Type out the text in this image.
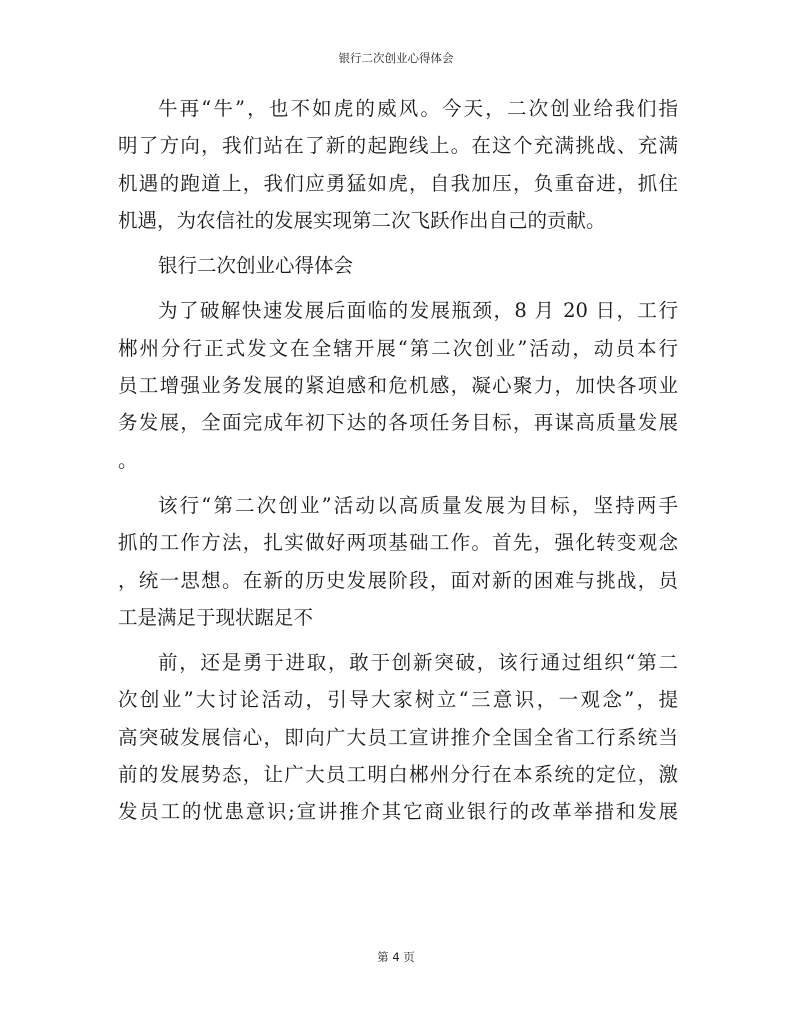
银行二次创业心得体会
牛再“牛”，也不如虎的威风。今天，二次创业给我们指
明了方向，我们站在了新的起跑线上。在这个充满挑战、充满
机遇的跑道上，我们应勇猛如虎，自我加压，负重奋进，抓住
机遇，为农信社的发展实现第二次飞跃作出自己的贡献。
银行二次创业心得体会
为了破解快速发展后面临的发展瓶颈，8 月 20 日，工行
郴州分行正式发文在全辖开展“第二次创业”活动，动员本行
员工增强业务发展的紧迫感和危机感，凝心聚力，加快各项业
务发展，全面完成年初下达的各项任务目标，再谋高质量发展
。
该行“第二次创业”活动以高质量发展为目标，坚持两手
抓的工作方法，扎实做好两项基础工作。首先，强化转变观念
，统一思想。在新的历史发展阶段，面对新的困难与挑战，员
工是满足于现状踞足不
前，还是勇于进取，敢于创新突破，该行通过组织“第二
次创业”大讨论活动，引导大家树立“三意识，一观念”，提
高突破发展信心，即向广大员工宣讲推介全国全省工行系统当
前的发展势态，让广大员工明白郴州分行在本系统的定位，激
发员工的忧患意识;宣讲推介其它商业银行的改革举措和发展
第 4 页
